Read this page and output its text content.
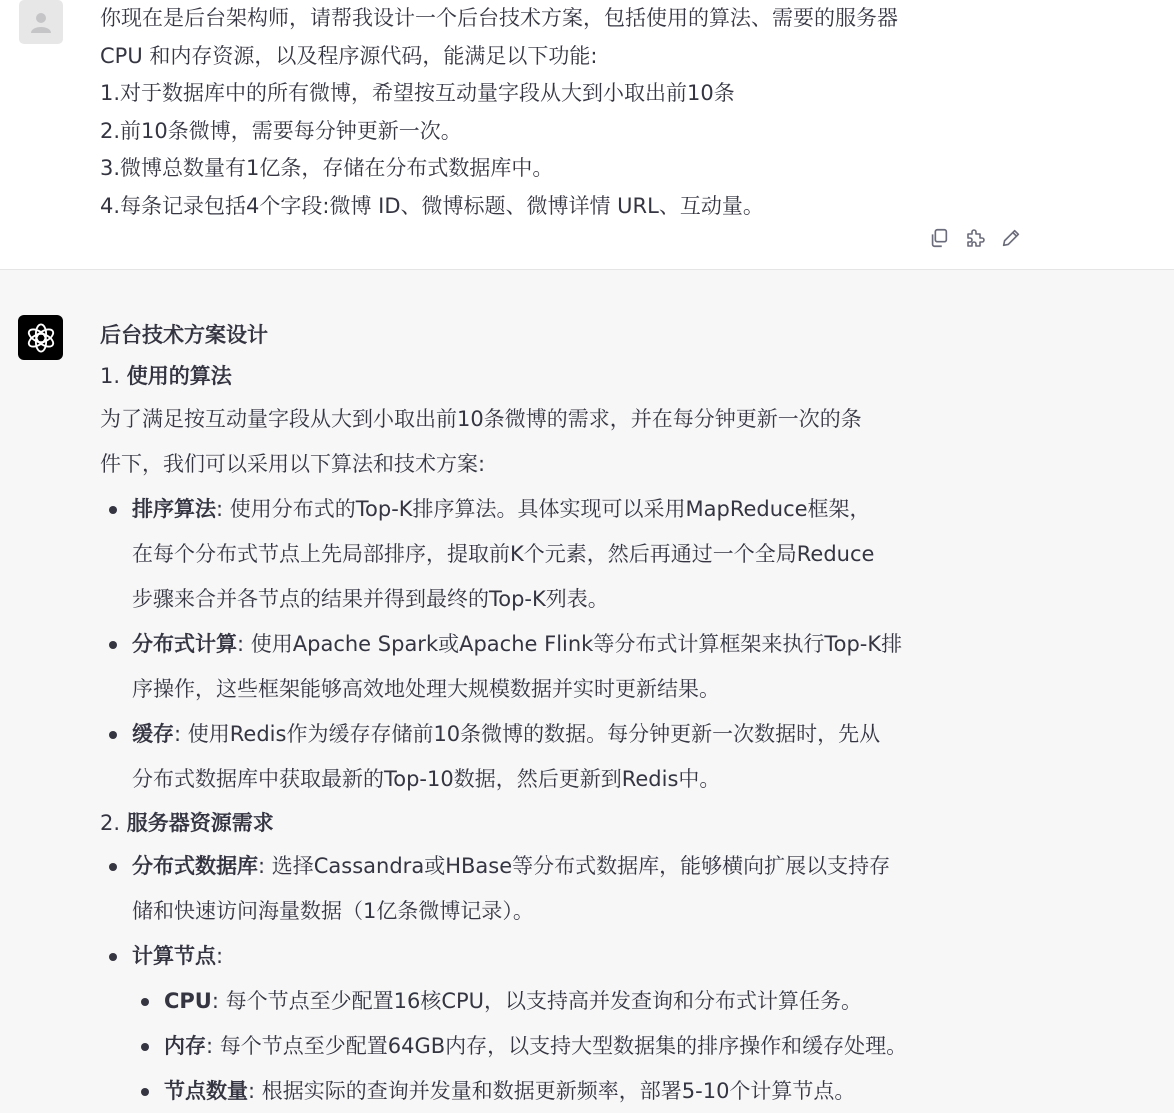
你现在是后台架构师，请帮我设计一个后台技术方案，包括使用的算法、需要的服务器
CPU 和内存资源，以及程序源代码，能满足以下功能:
1.对于数据库中的所有微博，希望按互动量字段从大到小取出前10条
2.前10条微博，需要每分钟更新一次。
3.微博总数量有1亿条，存储在分布式数据库中。
4.每条记录包括4个字段:微博 ID、微博标题、微博详情 URL、互动量。
后台技术方案设计
1. 使用的算法
为了满足按互动量字段从大到小取出前10条微博的需求，并在每分钟更新一次的条
件下，我们可以采用以下算法和技术方案:
排序算法: 使用分布式的Top-K排序算法。具体实现可以采用MapReduce框架，
在每个分布式节点上先局部排序，提取前K个元素，然后再通过一个全局Reduce
步骤来合并各节点的结果并得到最终的Top-K列表。
分布式计算: 使用Apache Spark或Apache Flink等分布式计算框架来执行Top-K排
序操作，这些框架能够高效地处理大规模数据并实时更新结果。
缓存: 使用Redis作为缓存存储前10条微博的数据。每分钟更新一次数据时，先从
分布式数据库中获取最新的Top-10数据，然后更新到Redis中。
2. 服务器资源需求
分布式数据库: 选择Cassandra或HBase等分布式数据库，能够横向扩展以支持存
储和快速访问海量数据（1亿条微博记录）。
计算节点:
CPU: 每个节点至少配置16核CPU，以支持高并发查询和分布式计算任务。
内存: 每个节点至少配置64GB内存，以支持大型数据集的排序操作和缓存处理。
节点数量: 根据实际的查询并发量和数据更新频率，部署5-10个计算节点。
